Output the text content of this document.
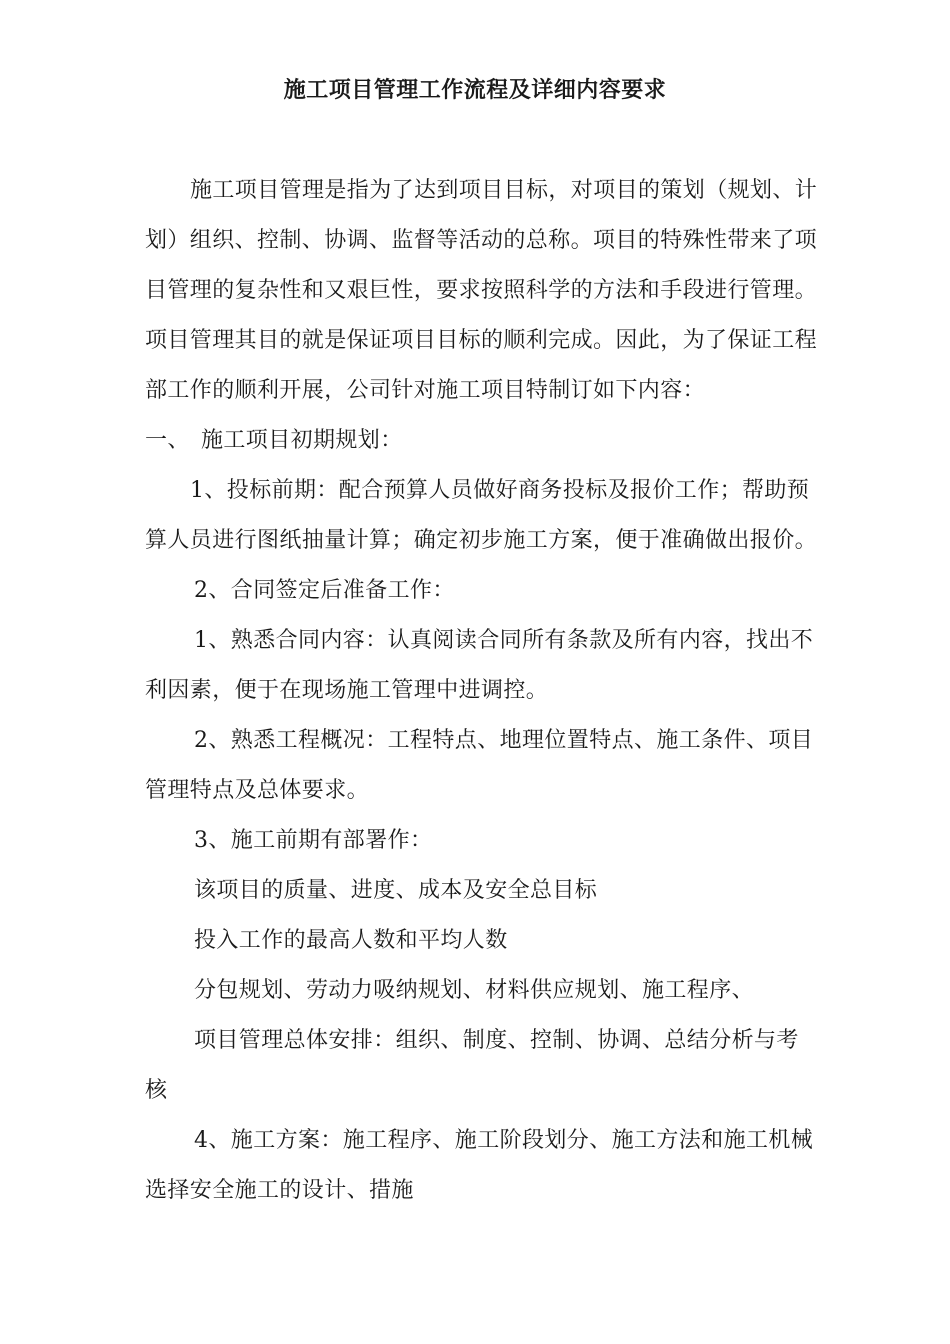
施工项目管理工作流程及详细内容要求
施工项目管理是指为了达到项目目标，对项目的策划（规划、计
划）组织、控制、协调、监督等活动的总称。项目的特殊性带来了项
目管理的复杂性和又艰巨性，要求按照科学的方法和手段进行管理。
项目管理其目的就是保证项目目标的顺利完成。因此，为了保证工程
部工作的顺利开展，公司针对施工项目特制订如下内容：
一、 施工项目初期规划：
1、投标前期：配合预算人员做好商务投标及报价工作；帮助预
算人员进行图纸抽量计算；确定初步施工方案，便于准确做出报价。
2、合同签定后准备工作：
1、熟悉合同内容：认真阅读合同所有条款及所有内容，找出不
利因素，便于在现场施工管理中进调控。
2、熟悉工程概况：工程特点、地理位置特点、施工条件、项目
管理特点及总体要求。
3、施工前期有部署作：
该项目的质量、进度、成本及安全总目标
投入工作的最高人数和平均人数
分包规划、劳动力吸纳规划、材料供应规划、施工程序、
项目管理总体安排：组织、制度、控制、协调、总结分析与考
核
4、施工方案：施工程序、施工阶段划分、施工方法和施工机械
选择安全施工的设计、措施
